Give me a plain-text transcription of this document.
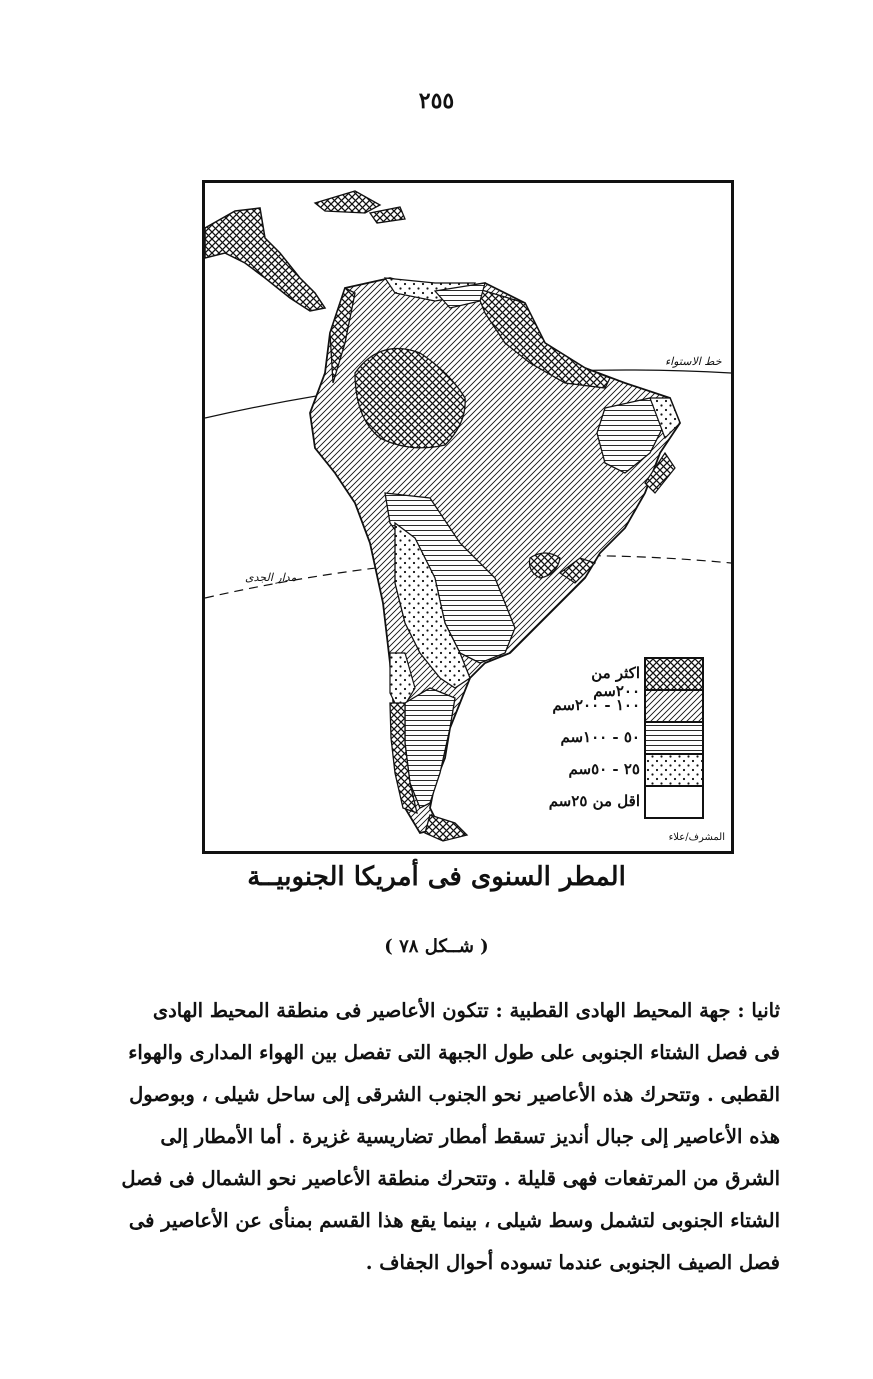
٢٥٥
خط الاستواء
مدار الجدى
اكثر من ٢٠٠سم
١٠٠ - ٢٠٠سم
٥٠ - ١٠٠سم
٢٥ - ٥٠سم
اقل من ٢٥سم
المشرف/علاء
المطر السنوى فى أمريكا الجنوبيــة
( شــكل ٧٨ )
ثانيا : جهة المحيط الهادى القطبية : تتكون الأعاصير فى منطقة المحيط الهادى
فى فصل الشتاء الجنوبى على طول الجبهة التى تفصل بين الهواء المدارى والهواء
القطبى . وتتحرك هذه الأعاصير نحو الجنوب الشرقى إلى ساحل شيلى ، وبوصول
هذه الأعاصير إلى جبال أنديز تسقط أمطار تضاريسية غزيرة . أما الأمطار إلى
الشرق من المرتفعات فهى قليلة . وتتحرك منطقة الأعاصير نحو الشمال فى فصل
الشتاء الجنوبى لتشمل وسط شيلى ، بينما يقع هذا القسم بمنأى عن الأعاصير فى
فصل الصيف الجنوبى عندما تسوده أحوال الجفاف .
